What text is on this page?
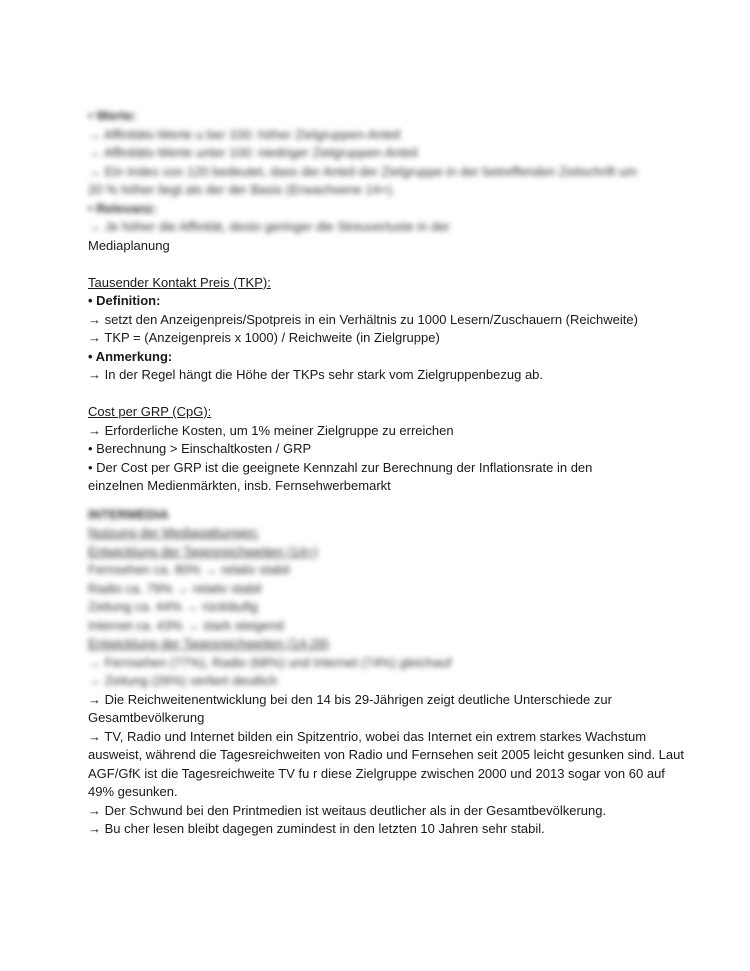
• Werte:
→ Affinitäts-Werte u ber 100: höher Zielgruppen-Anteil
→ Affinitäts-Werte unter 100: niedriger Zielgruppen-Anteil
→ Ein Index von 120 bedeutet, dass der Anteil der Zielgruppe in der betreffenden Zeitschrift um
20 % höher liegt als der der Basis (Erwachsene 14+).
• Relevanz:
→ Je höher die Affinität, desto geringer die Streuverluste in der
Mediaplanung
Tausender Kontakt Preis (TKP):
• Definition:
→ setzt den Anzeigenpreis/Spotpreis in ein Verhältnis zu 1000 Lesern/Zuschauern (Reichweite)
→ TKP = (Anzeigenpreis x 1000) / Reichweite (in Zielgruppe)
• Anmerkung:
→ In der Regel hängt die Höhe der TKPs sehr stark vom Zielgruppenbezug ab.
Cost per GRP (CpG):
→ Erforderliche Kosten, um 1% meiner Zielgruppe zu erreichen
• Berechnung > Einschaltkosten / GRP
• Der Cost per GRP ist die geeignete Kennzahl zur Berechnung der Inflationsrate in den
einzelnen Medienmärkten, insb. Fernsehwerbemarkt
INTERMEDIA
Nutzung der Mediagattungen:
Entwicklung der Tagesreichweiten (14+)
Fernsehen ca. 80% → relativ stabil
Radio ca. 79% → relativ stabil
Zeitung ca. 44% → rückläufig
Internet ca. 43% → stark steigend
Entwicklung der Tagesreichweiten (14-29)
→ Fernsehen (77%), Radio (68%) und Internet (74%) gleichauf
→ Zeitung (26%) verliert deutlich
→ Die Reichweitenentwicklung bei den 14 bis 29-Jährigen zeigt deutliche Unterschiede zur Gesamtbevölkerung
→ TV, Radio und Internet bilden ein Spitzentrio, wobei das Internet ein extrem starkes Wachstum ausweist, während die Tagesreichweiten von Radio und Fernsehen seit 2005 leicht gesunken sind. Laut AGF/GfK ist die Tagesreichweite TV fu r diese Zielgruppe zwischen 2000 und 2013 sogar von 60 auf 49% gesunken.
→ Der Schwund bei den Printmedien ist weitaus deutlicher als in der Gesamtbevölkerung.
→ Bu cher lesen bleibt dagegen zumindest in den letzten 10 Jahren sehr stabil.
